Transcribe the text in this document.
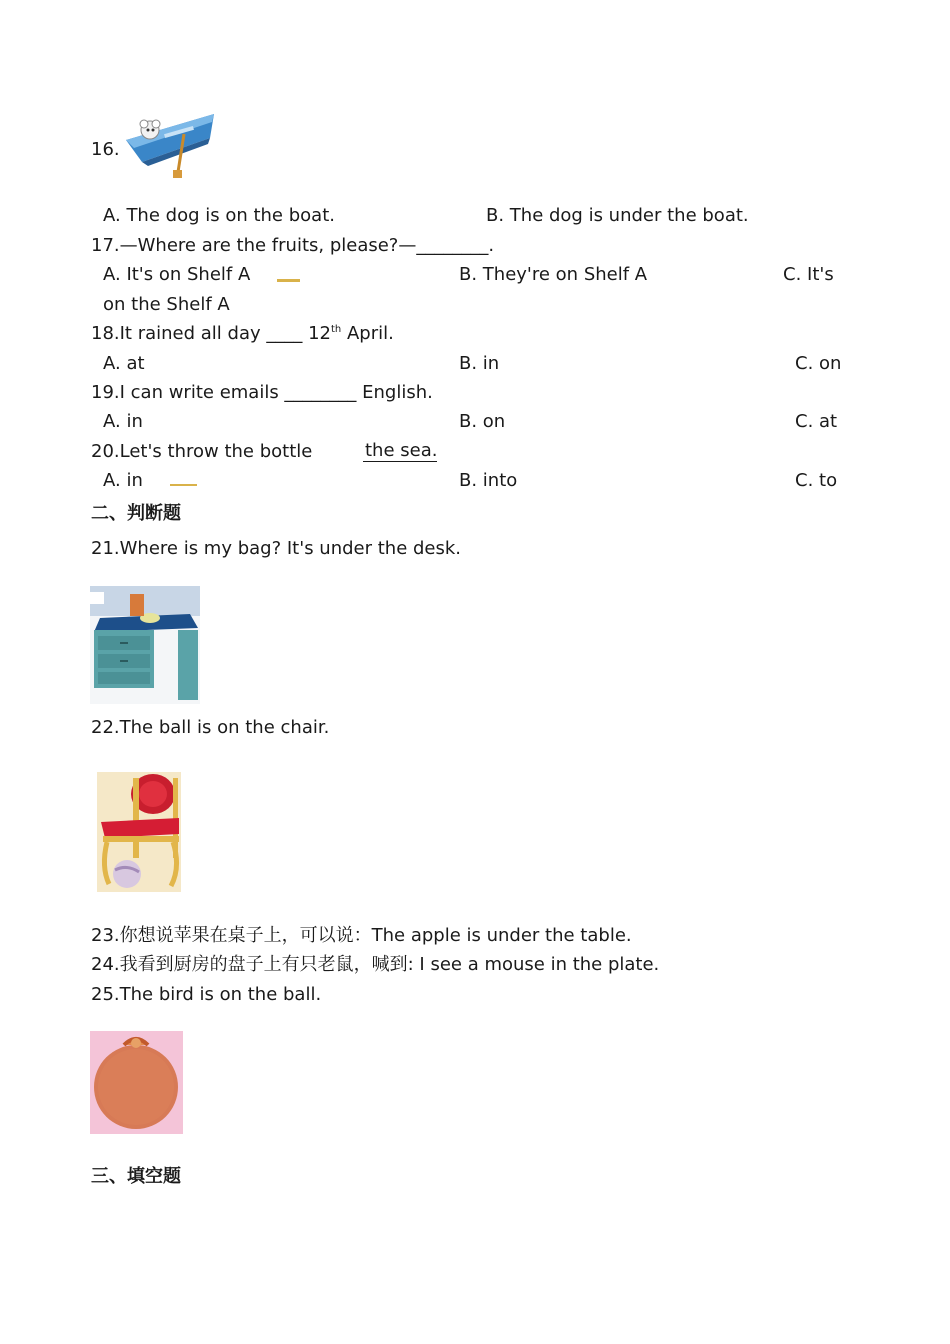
16.
A. The dog is on the boat.	B. The dog is under the boat.
17.—Where are the fruits, please?—________.
A. It's on Shelf A	B. They're on Shelf A	C. It's
on the Shelf A
18.It rained all day ____ 12th April.
A. at	B. in	C. on
19.I can write emails ________ English.
A. in	B. on	C. at
20.Let's throw the bottle	the sea.
A. in	B. into	C. to
二、判断题
21.Where is my bag? It's under the desk.
22.The ball is on the chair.
23.你想说苹果在桌子上，可以说：The apple is under the table.
24.我看到厨房的盘子上有只老鼠，喊到: I see a mouse in the plate.
25.The bird is on the ball.
三、填空题
